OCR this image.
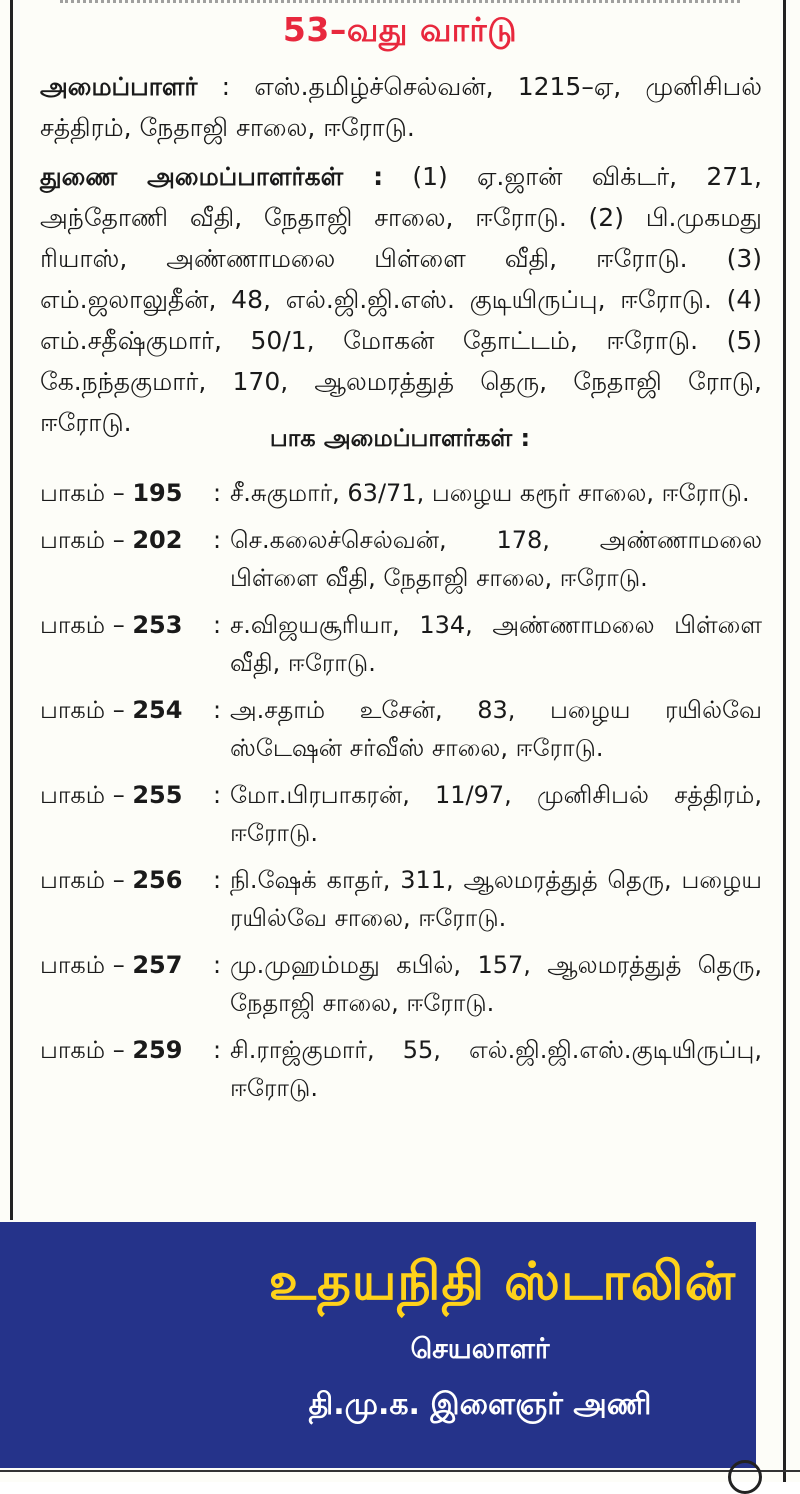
53–வது வார்டு
அமைப்பாளர் : எஸ்.தமிழ்ச்செல்வன், 1215–ஏ, முனிசிபல் சத்திரம், நேதாஜி சாலை, ஈரோடு.
துணை அமைப்பாளர்கள் : (1) ஏ.ஜான் விக்டர், 271, அந்தோணி வீதி, நேதாஜி சாலை, ஈரோடு. (2) பி.முகமது ரியாஸ், அண்ணாமலை பிள்ளை வீதி, ஈரோடு. (3) எம்.ஜலாலுதீன், 48, எல்.ஜி.ஜி.எஸ். குடியிருப்பு, ஈரோடு. (4) எம்.சதீஷ்குமார், 50/1, மோகன் தோட்டம், ஈரோடு. (5) கே.நந்தகுமார், 170, ஆலமரத்துத் தெரு, நேதாஜி ரோடு, ஈரோடு.
பாக அமைப்பாளர்கள் :
பாகம் – 195	: சீ.சுகுமார், 63/71, பழைய கரூர் சாலை, ஈரோடு.
பாகம் – 202	: செ.கலைச்செல்வன், 178, அண்ணாமலை பிள்ளை வீதி, நேதாஜி சாலை, ஈரோடு.
பாகம் – 253	: ச.விஜயசூரியா, 134, அண்ணாமலை பிள்ளை வீதி, ஈரோடு.
பாகம் – 254	: அ.சதாம் உசேன், 83, பழைய ரயில்வே ஸ்டேஷன் சர்வீஸ் சாலை, ஈரோடு.
பாகம் – 255	: மோ.பிரபாகரன், 11/97, முனிசிபல் சத்திரம், ஈரோடு.
பாகம் – 256	: நி.ஷேக் காதர், 311, ஆலமரத்துத் தெரு, பழைய ரயில்வே சாலை, ஈரோடு.
பாகம் – 257	: மு.முஹம்மது கபில், 157, ஆலமரத்துத் தெரு, நேதாஜி சாலை, ஈரோடு.
பாகம் – 259	: சி.ராஜ்குமார், 55, எல்.ஜி.ஜி.எஸ்.குடியிருப்பு, ஈரோடு.
உதயநிதி ஸ்டாலின்
செயலாளர்
தி.மு.க. இளைஞர் அணி
